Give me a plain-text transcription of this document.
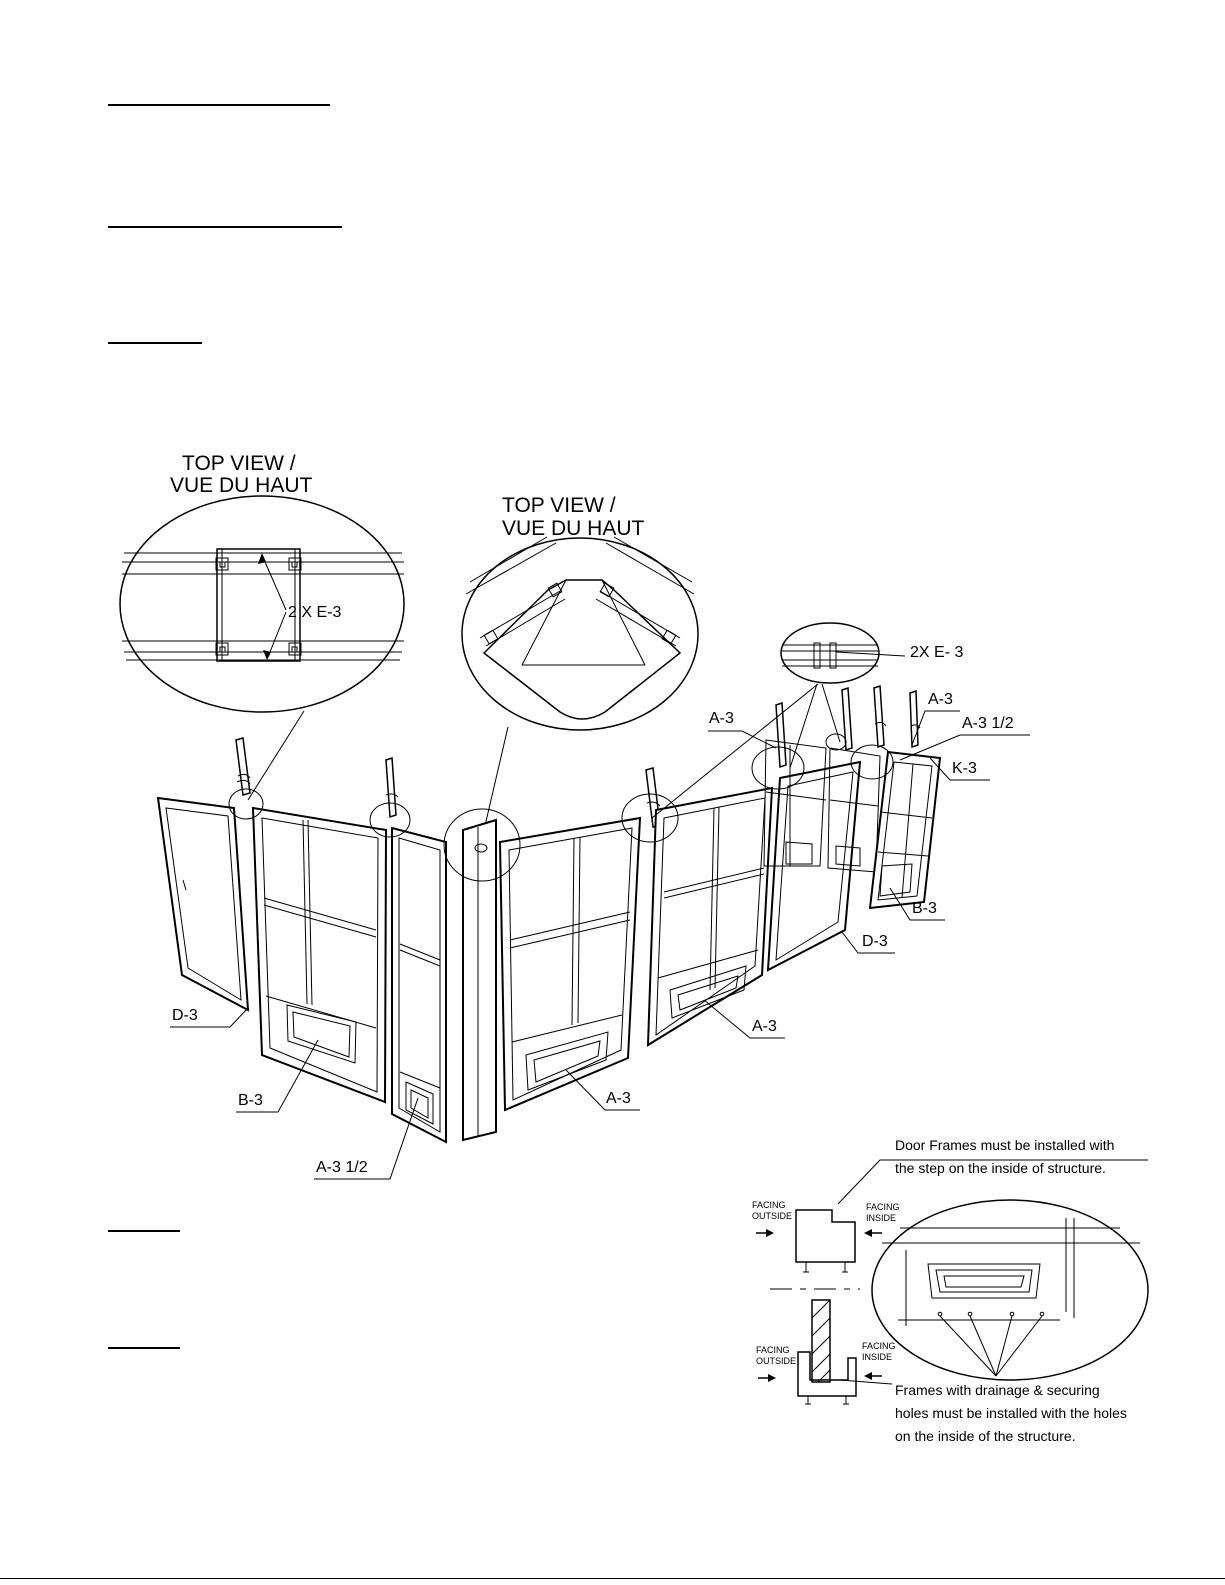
TOP VIEW /
VUE DU HAUT
2 X E-3
TOP VIEW /
VUE DU HAUT
2X E- 3
A-3
A-3
A-3 1/2
K-3
B-3
D-3
A-3
D-3
B-3	A-3
A-3 1/2
Door Frames must be installed with
the step on the inside of structure.
FACING
OUTSIDE
FACING
INSIDE
FACING
OUTSIDE
FACING
INSIDE
Frames with drainage & securing
holes must be installed with the holes
on the inside of the structure.
